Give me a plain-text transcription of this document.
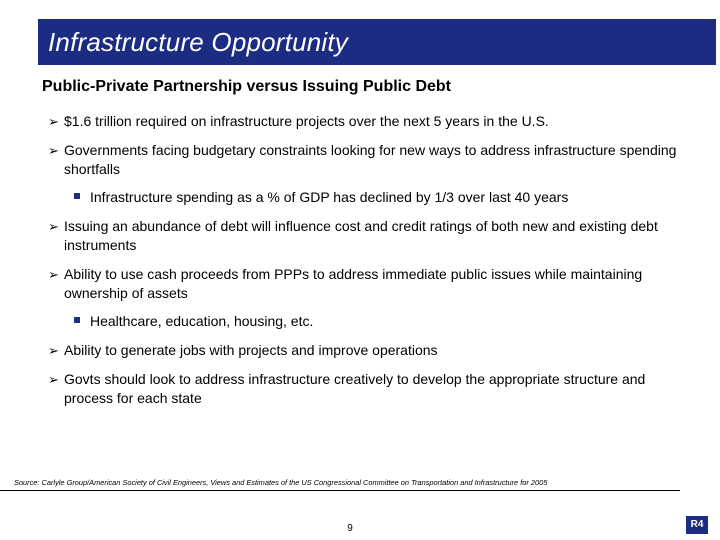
Infrastructure Opportunity
Public-Private Partnership versus Issuing Public Debt
➢ $1.6 trillion required on infrastructure projects over the next 5 years in the U.S.
➢ Governments facing budgetary constraints looking for new ways to address infrastructure spending shortfalls
Infrastructure spending as a % of GDP has declined by 1/3 over last 40 years
➢ Issuing an abundance of debt will influence cost and credit ratings of both new and existing debt instruments
➢ Ability to use cash proceeds from PPPs to address immediate public issues while maintaining ownership of assets
Healthcare, education, housing, etc.
➢ Ability to generate jobs with projects and improve operations
➢ Govts should look to address infrastructure creatively to develop the appropriate structure and process for each state
Source: Carlyle Group/American Society of Civil Engineers, Views and Estimates of the US Congressional Committee on Transportation and Infrastructure for 2005
9	R4
